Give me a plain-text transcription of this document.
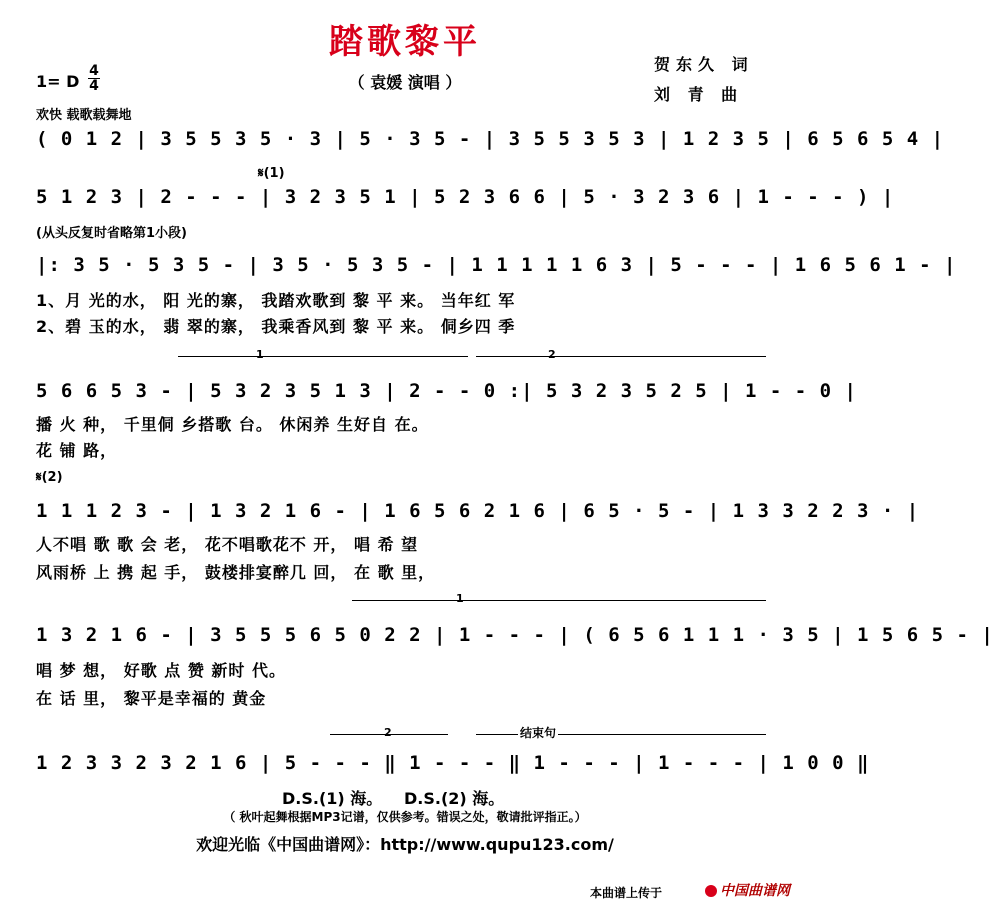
踏歌黎平
（ 袁媛 演唱 ）
贺东久 词
刘 青 曲
1= D
4
4
欢快 载歌载舞地
( 0 1 2 | 3 5 5 3 5 · 3 | 5 · 3 5 - | 3 5 5 3 5 3 | 1 2 3 5 | 6 5 6 5 4 |
𝄋(1)
5 1 2 3 | 2 - - - | 3 2 3 5 1 | 5 2 3 6 6 | 5 · 3 2 3 6 | 1 - - - ) |
(从头反复时省略第1小段)
|: 3 5 · 5 3 5 - | 3 5 · 5 3 5 - | 1 1 1 1 1 6 3 | 5 - - - | 1 6 5 6 1 - |
1、月 光的水， 阳 光的寨， 我踏欢歌到 黎 平 来。 当年红 军
2、碧 玉的水， 翡 翠的寨， 我乘香风到 黎 平 来。 侗乡四 季
1	2
5 6 6 5 3 - | 5 3 2 3 5 1 3 | 2 - - 0 :| 5 3 2 3 5 2 5 | 1 - - 0 |
播 火 种， 千里侗 乡搭歌 台。 休闲养 生好自 在。
花 铺 路，
𝄋(2)
1 1 1 2 3 - | 1 3 2 1 6 - | 1 6 5 6 2 1 6 | 6 5 · 5 - | 1 3 3 2 2 3 · |
人不唱 歌 歌 会 老， 花不唱歌花不 开， 唱 希 望
风雨桥 上 携 起 手， 鼓楼排宴醉几 回， 在 歌 里，
1
1 3 2 1 6 - | 3 5 5 5 6 5 0 2 2 | 1 - - - | ( 6 5 6 1 1 1 · 3 5 | 1 5 6 5 - |
唱 梦 想， 好歌 点 赞 新时 代。
在 话 里， 黎平是幸福的 黄金
2	结束句
1 2 3 3 2 3 2 1 6 | 5 - - - ‖ 1 - - - ‖ 1 - - - | 1 - - - | 1 0 0 ‖
D.S.(1) 海。 D.S.(2) 海。
（ 秋叶起舞根据MP3记谱，仅供参考。错误之处，敬请批评指正。）
欢迎光临《中国曲谱网》：http://www.qupu123.com/
本曲谱上传于	中国曲谱网
